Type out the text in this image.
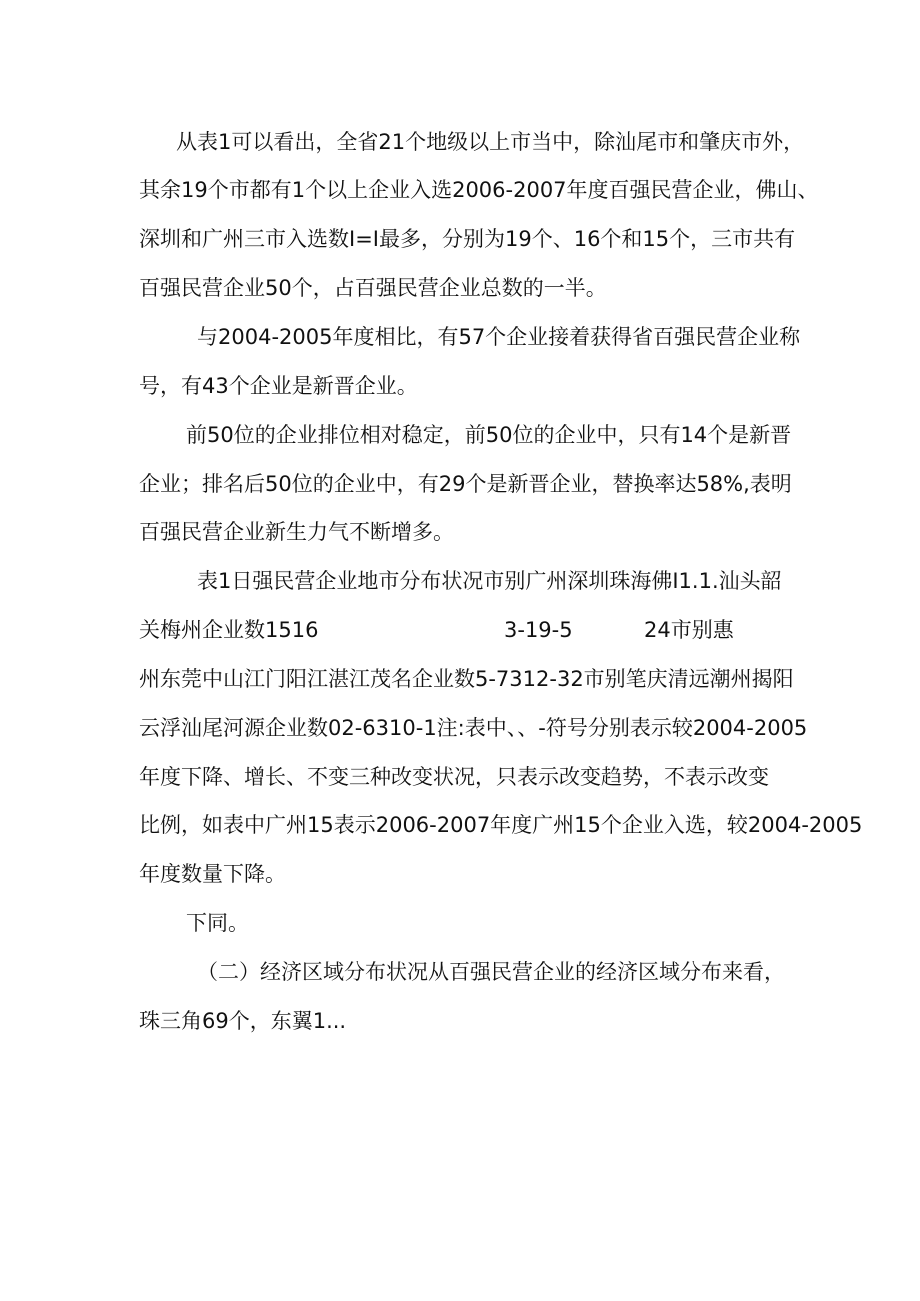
从表1可以看出，全省21个地级以上市当中，除汕尾市和肇庆市外，
其余19个市都有1个以上企业入选2006-2007年度百强民营企业，佛山、
深圳和广州三市入选数I=I最多，分别为19个、16个和15个，三市共有
百强民营企业50个，占百强民营企业总数的一半。
与2004-2005年度相比，有57个企业接着获得省百强民营企业称
号，有43个企业是新晋企业。
前50位的企业排位相对稳定，前50位的企业中，只有14个是新晋
企业；排名后50位的企业中，有29个是新晋企业，替换率达58%,表明
百强民营企业新生力气不断增多。
表1日强民营企业地市分布状况市别广州深圳珠海佛I1.1.汕头韶
关梅州企业数1516	3-19-5	24市别惠
州东莞中山江门阳江湛江茂名企业数5-7312-32市别笔庆清远潮州揭阳
云浮汕尾河源企业数02-6310-1注:表中、、-符号分别表示较2004-2005
年度下降、增长、不变三种改变状况，只表示改变趋势，不表示改变
比例，如表中广州15表示2006-2007年度广州15个企业入选，较2004-2005
年度数量下降。
下同。
（二）经济区域分布状况从百强民营企业的经济区域分布来看，
珠三角69个，东翼1...
